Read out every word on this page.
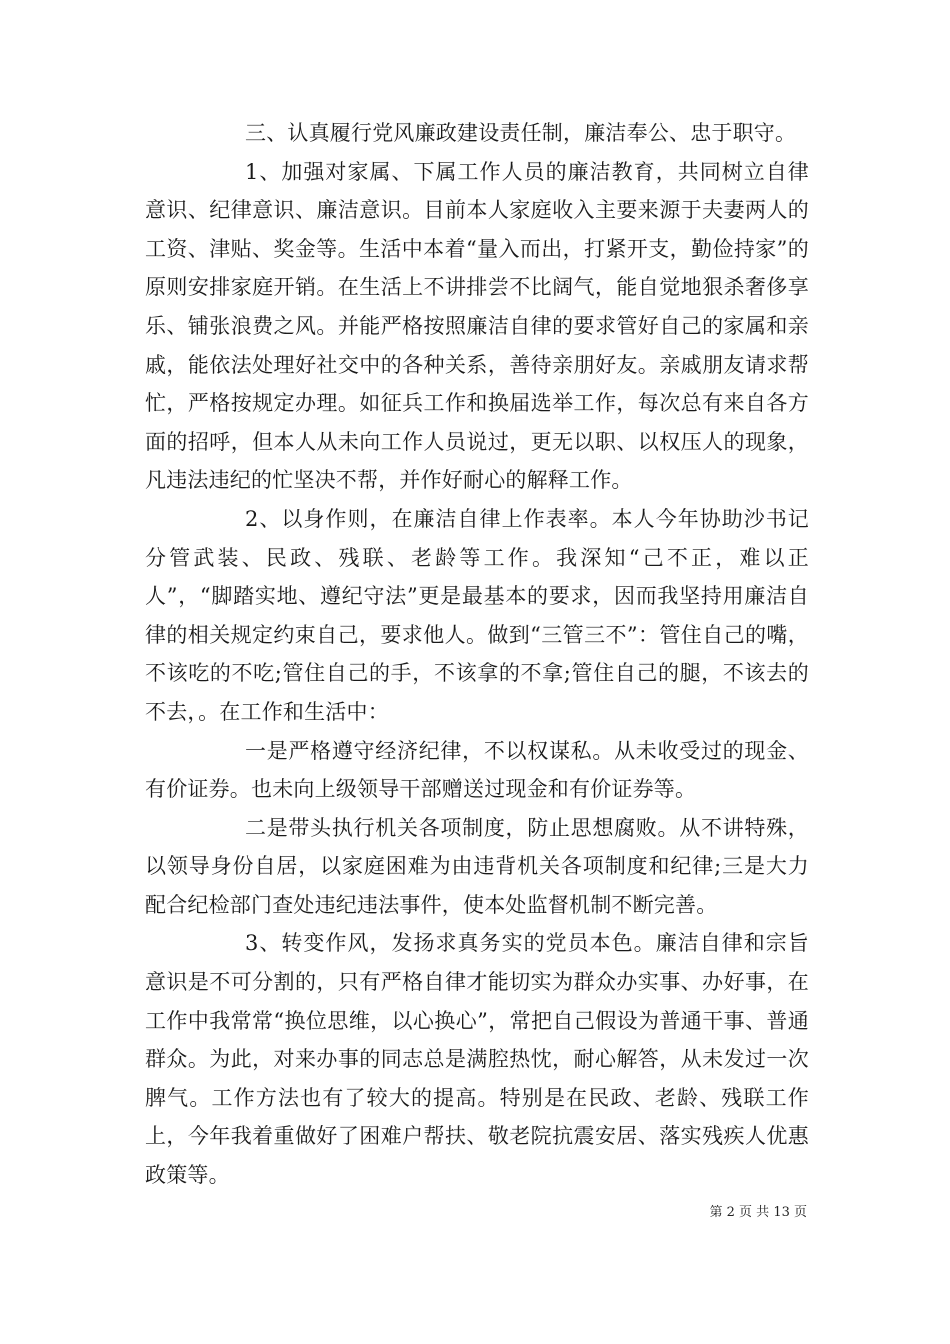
三、认真履行党风廉政建设责任制，廉洁奉公、忠于职守。

1、加强对家属、下属工作人员的廉洁教育，共同树立自律意识、纪律意识、廉洁意识。目前本人家庭收入主要来源于夫妻两人的工资、津贴、奖金等。生活中本着“量入而出，打紧开支，勤俭持家”的原则安排家庭开销。在生活上不讲排尝不比阔气，能自觉地狠杀奢侈享乐、铺张浪费之风。并能严格按照廉洁自律的要求管好自己的家属和亲戚，能依法处理好社交中的各种关系，善待亲朋好友。亲戚朋友请求帮忙，严格按规定办理。如征兵工作和换届选举工作，每次总有来自各方面的招呼，但本人从未向工作人员说过，更无以职、以权压人的现象，凡违法违纪的忙坚决不帮，并作好耐心的解释工作。

2、以身作则，在廉洁自律上作表率。本人今年协助沙书记分管武装、民政、残联、老龄等工作。我深知“己不正，难以正人”，“脚踏实地、遵纪守法”更是最基本的要求，因而我坚持用廉洁自律的相关规定约束自己，要求他人。做到“三管三不”：管住自己的嘴，不该吃的不吃;管住自己的手，不该拿的不拿;管住自己的腿，不该去的不去，。在工作和生活中：

一是严格遵守经济纪律，不以权谋私。从未收受过的现金、有价证券。也未向上级领导干部赠送过现金和有价证券等。

二是带头执行机关各项制度，防止思想腐败。从不讲特殊，以领导身份自居，以家庭困难为由违背机关各项制度和纪律;三是大力配合纪检部门查处违纪违法事件，使本处监督机制不断完善。

3、转变作风，发扬求真务实的党员本色。廉洁自律和宗旨意识是不可分割的，只有严格自律才能切实为群众办实事、办好事，在工作中我常常“换位思维，以心换心”，常把自己假设为普通干事、普通群众。为此，对来办事的同志总是满腔热忱，耐心解答，从未发过一次脾气。工作方法也有了较大的提高。特别是在民政、老龄、残联工作上，今年我着重做好了困难户帮扶、敬老院抗震安居、落实残疾人优惠政策等。

第 2 页 共 13 页
